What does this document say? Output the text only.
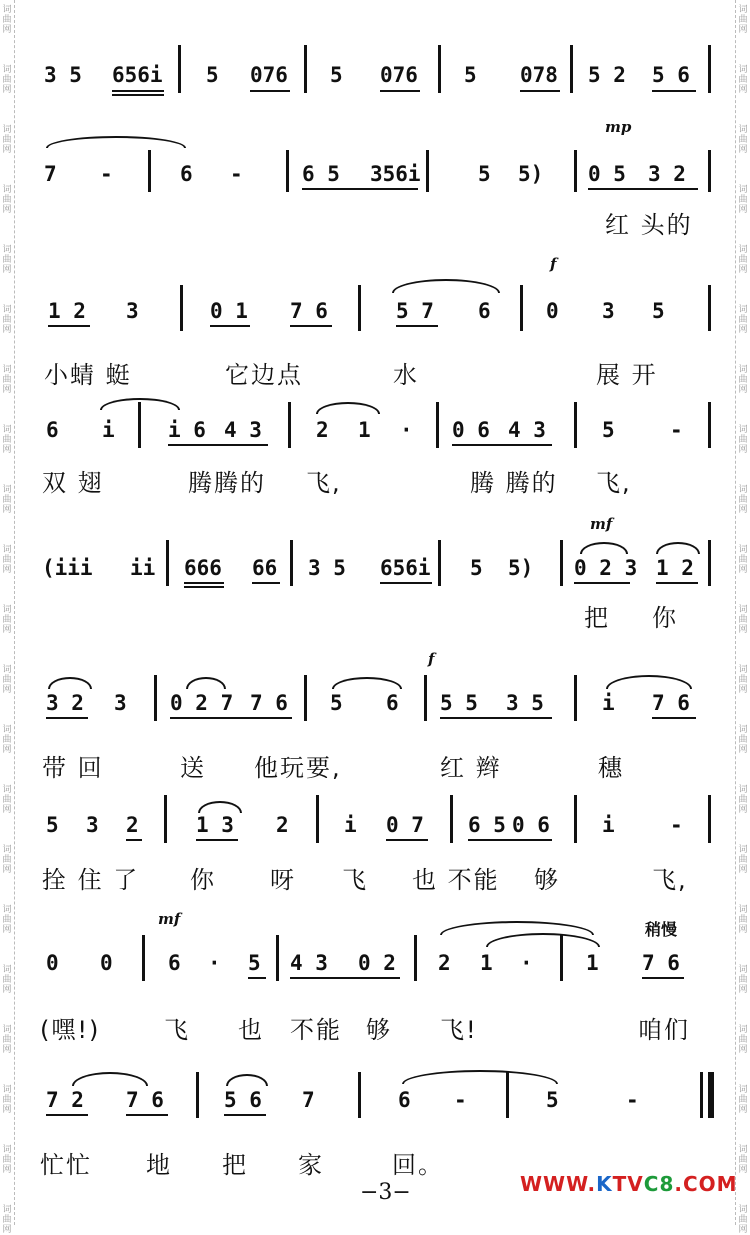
词
曲
网
词
曲
网
词
曲
网
词
曲
网
词
曲
网
词
曲
网
词
曲
网
词
曲
网
词
曲
网
词
曲
网
词
曲
网
词
曲
网
词
曲
网
词
曲
网
词
曲
网
词
曲
网
词
曲
网
词
曲
网
词
曲
网
词
曲
网
词
曲
网
词
曲
网
词
曲
网
词
曲
网
词
曲
网
词
曲
网
词
曲
网
词
曲
网
词
曲
网
词
曲
网
词
曲
网
词
曲
网
词
曲
网
词
曲
网
词
曲
网
词
曲
网
词
曲
网
词
曲
网
词
曲
网
词
曲
网
词
曲
网
词
曲
网
3 5 656i 5 076 5 076 5 078 5 2 5 6
mp
7 -	6 -	6 5 356i	5 5) 0 5 3 2
红 头的
f
1 2 3	0 1 7 6	5 7 6	0 3 5
小蜻 蜓	它边点	水	展 开
6 i	i 6 4 3	2 1 · 0 6 4 3	5	-
双 翅	腾腾的 飞,	腾 腾的 飞,
mf
(iii ii 666 66 3 5 656i 5 5) 0 2 3 1 2
把 你
f
3 2 3 0 2 7 7 6 5 6 5 5 3 5	i 7 6
带 回	送 他玩要,	红 辫	穗
5 3 2	1 3 2	i 0 7 6 5 0 6 i	-
拴 住 了 你 呀 飞 也 不能 够	飞,
mf
稍慢
0 0	6 · 5 4 3 0 2 2 1 ·	1 7 6
(嘿!)	飞 也 不能 够 飞!	咱们
7 2 7 6	5 6 7	6 -	5	-
忙忙 地 把 家	回。
−3−	WWW.KTVC8.COM
